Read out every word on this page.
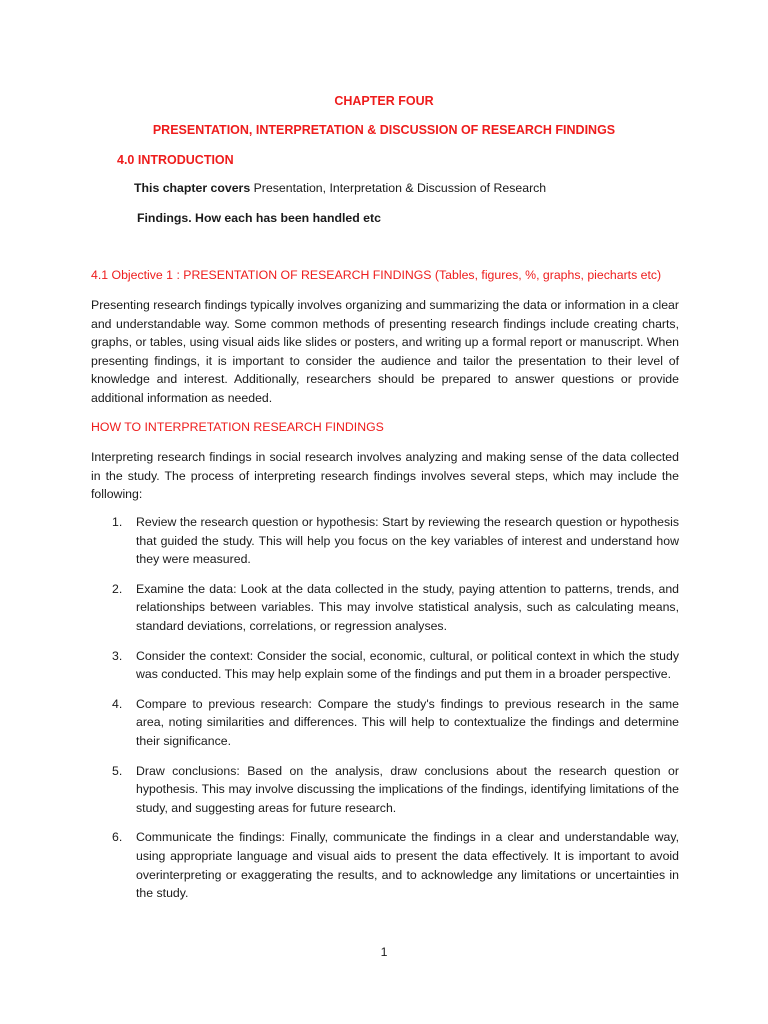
CHAPTER FOUR

PRESENTATION, INTERPRETATION & DISCUSSION OF RESEARCH FINDINGS

4.0 INTRODUCTION

This chapter covers Presentation, Interpretation & Discussion of Research

Findings. How each has been handled etc

4.1 Objective 1 : PRESENTATION OF RESEARCH FINDINGS (Tables, figures, %, graphs, piecharts etc)

Presenting research findings typically involves organizing and summarizing the data or information in a clear and understandable way. Some common methods of presenting research findings include creating charts, graphs, or tables, using visual aids like slides or posters, and writing up a formal report or manuscript. When presenting findings, it is important to consider the audience and tailor the presentation to their level of knowledge and interest. Additionally, researchers should be prepared to answer questions or provide additional information as needed.

HOW TO INTERPRETATION RESEARCH FINDINGS

Interpreting research findings in social research involves analyzing and making sense of the data collected in the study. The process of interpreting research findings involves several steps, which may include the following:

1. Review the research question or hypothesis: Start by reviewing the research question or hypothesis that guided the study. This will help you focus on the key variables of interest and understand how they were measured.
2. Examine the data: Look at the data collected in the study, paying attention to patterns, trends, and relationships between variables. This may involve statistical analysis, such as calculating means, standard deviations, correlations, or regression analyses.
3. Consider the context: Consider the social, economic, cultural, or political context in which the study was conducted. This may help explain some of the findings and put them in a broader perspective.
4. Compare to previous research: Compare the study's findings to previous research in the same area, noting similarities and differences. This will help to contextualize the findings and determine their significance.
5. Draw conclusions: Based on the analysis, draw conclusions about the research question or hypothesis. This may involve discussing the implications of the findings, identifying limitations of the study, and suggesting areas for future research.
6. Communicate the findings: Finally, communicate the findings in a clear and understandable way, using appropriate language and visual aids to present the data effectively. It is important to avoid overinterpreting or exaggerating the results, and to acknowledge any limitations or uncertainties in the study.

1
